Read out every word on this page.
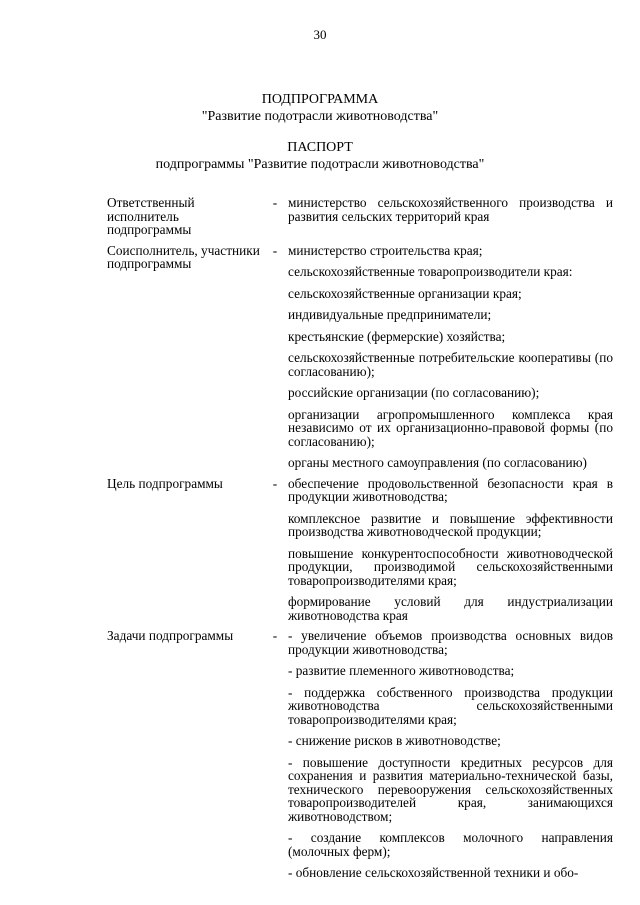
30
ПОДПРОГРАММА
"Развитие подотрасли животноводства"
ПАСПОРТ
подпрограммы "Развитие подотрасли животноводства"
Ответственный исполнитель подпрограммы
- министерство сельскохозяйственного производства и развития сельских территорий края
Соисполнитель, участники подпрограммы
- министерство строительства края;
сельскохозяйственные товаропроизводители края:
сельскохозяйственные организации края;
индивидуальные предприниматели;
крестьянские (фермерские) хозяйства;
сельскохозяйственные потребительские кооперативы (по согласованию);
российские организации (по согласованию);
организации агропромышленного комплекса края независимо от их организационно-правовой формы (по согласованию);
органы местного самоуправления (по согласованию)
Цель подпрограммы	- обеспечение продовольственной безопасности края в продукции животноводства;
комплексное развитие и повышение эффективности производства животноводческой продукции;
повышение конкурентоспособности животноводческой продукции, производимой сельскохозяйственными товаропроизводителями края;
формирование условий для индустриализации животноводства края
Задачи подпрограммы	- - увеличение объемов производства основных видов продукции животноводства;
- развитие племенного животноводства;
- поддержка собственного производства продукции животноводства сельскохозяйственными товаропроизводителями края;
- снижение рисков в животноводстве;
- повышение доступности кредитных ресурсов для сохранения и развития материально-технической базы, технического перевооружения сельскохозяйственных товаропроизводителей края, занимающихся животноводством;
- создание комплексов молочного направления (молочных ферм);
- обновление сельскохозяйственной техники и обо-
